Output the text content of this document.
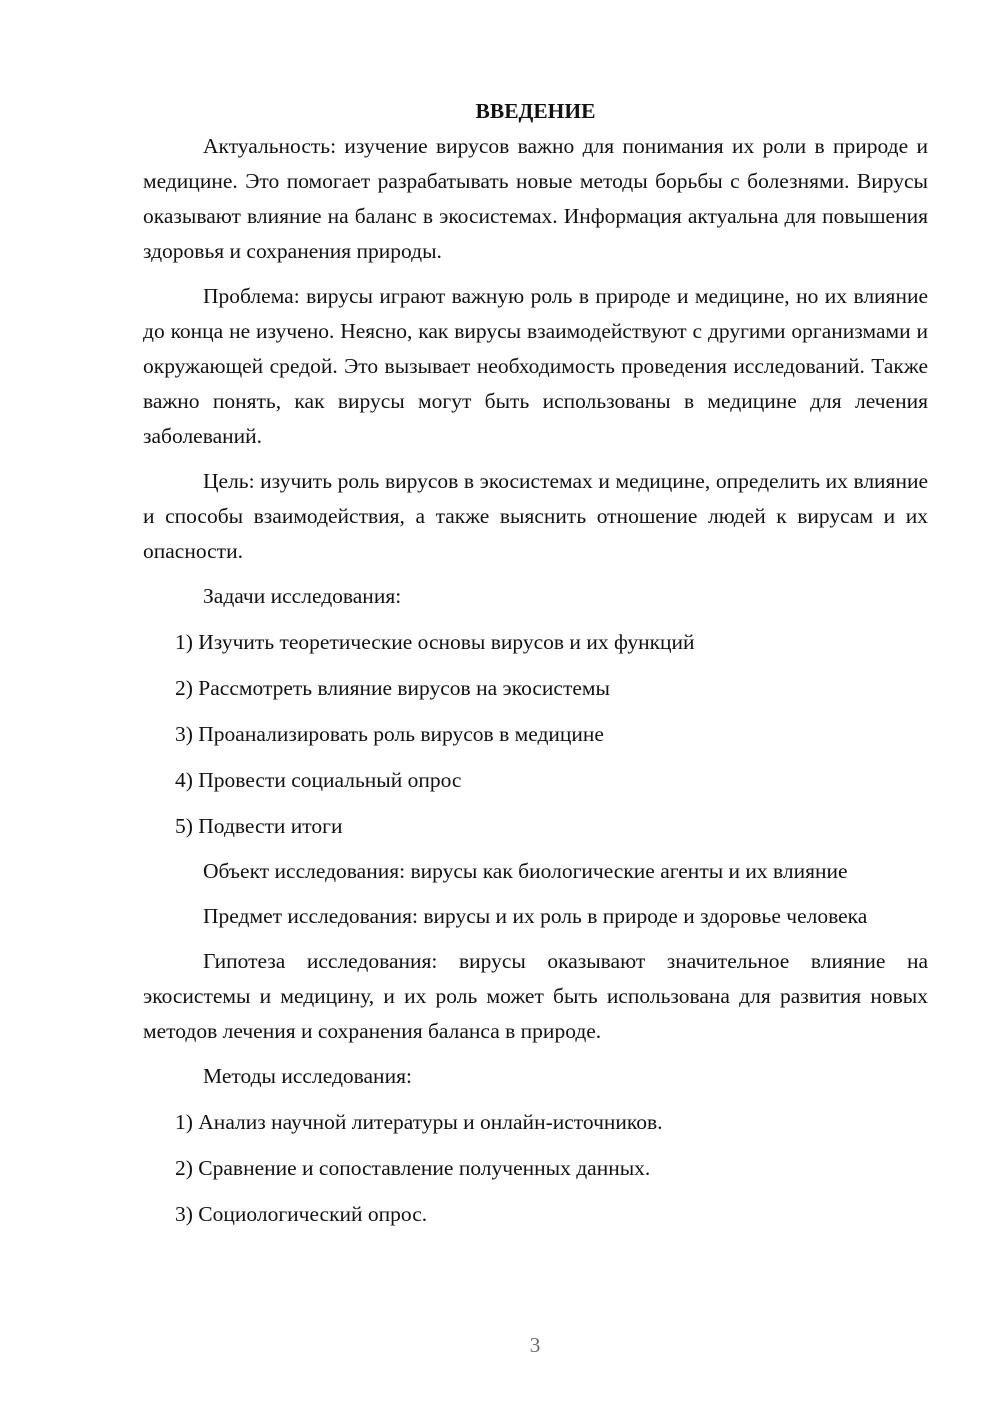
ВВЕДЕНИЕ

Актуальность: изучение вирусов важно для понимания их роли в природе и медицине. Это помогает разрабатывать новые методы борьбы с болезнями. Вирусы оказывают влияние на баланс в экосистемах. Информация актуальна для повышения здоровья и сохранения природы.

Проблема: вирусы играют важную роль в природе и медицине, но их влияние до конца не изучено. Неясно, как вирусы взаимодействуют с другими организмами и окружающей средой. Это вызывает необходимость проведения исследований. Также важно понять, как вирусы могут быть использованы в медицине для лечения заболеваний.

Цель: изучить роль вирусов в экосистемах и медицине, определить их влияние и способы взаимодействия, а также выяснить отношение людей к вирусам и их опасности.

Задачи исследования:

1) Изучить теоретические основы вирусов и их функций

2) Рассмотреть влияние вирусов на экосистемы

3) Проанализировать роль вирусов в медицине

4) Провести социальный опрос

5) Подвести итоги

Объект исследования: вирусы как биологические агенты и их влияние

Предмет исследования: вирусы и их роль в природе и здоровье человека

Гипотеза исследования: вирусы оказывают значительное влияние на экосистемы и медицину, и их роль может быть использована для развития новых методов лечения и сохранения баланса в природе.

Методы исследования:

1) Анализ научной литературы и онлайн-источников.

2) Сравнение и сопоставление полученных данных.

3) Социологический опрос.

3
